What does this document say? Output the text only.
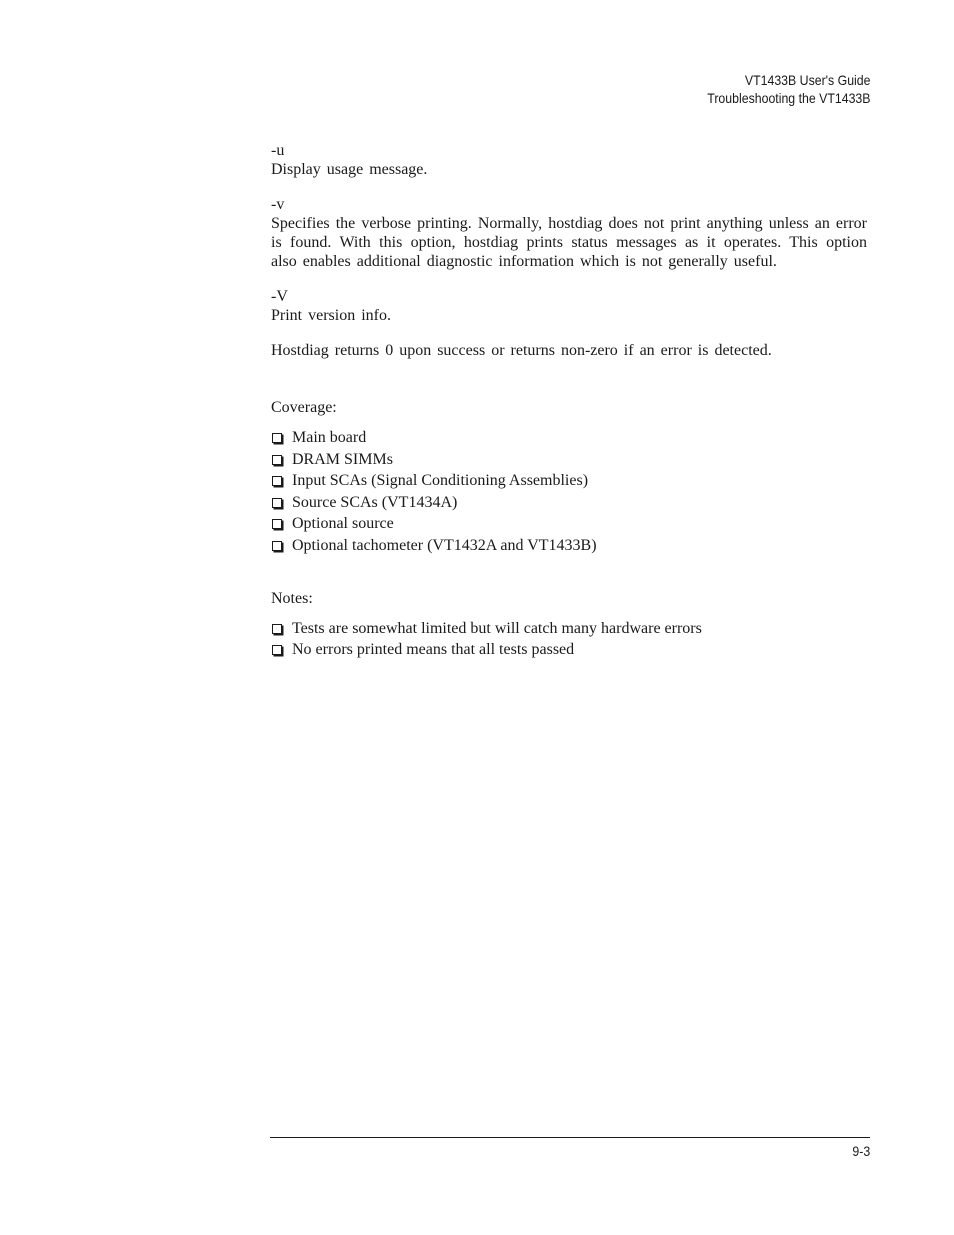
VT1433B User's Guide
Troubleshooting the VT1433B

-u

Display usage message.

-v

Specifies the verbose printing. Normally, hostdiag does not print anything unless an error is found. With this option, hostdiag prints status messages as it operates. This option also enables additional diagnostic information which is not generally useful.

-V

Print version info.

Hostdiag returns 0 upon success or returns non-zero if an error is detected.

Coverage:

Main board
DRAM SIMMs
Input SCAs (Signal Conditioning Assemblies)
Source SCAs (VT1434A)
Optional source
Optional tachometer (VT1432A and VT1433B)

Notes:

Tests are somewhat limited but will catch many hardware errors
No errors printed means that all tests passed
9-3
